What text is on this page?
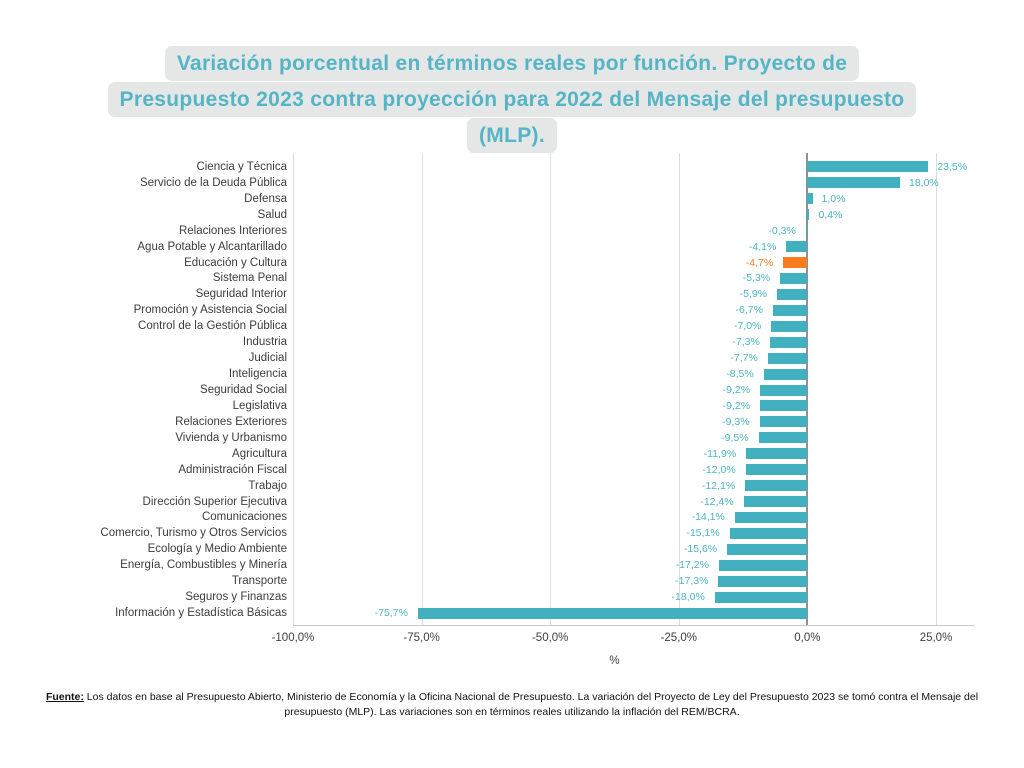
Variación porcentual en términos reales por función. Proyecto de
Presupuesto 2023 contra proyección para 2022 del Mensaje del presupuesto
(MLP).
-100,0%	-75,0%	-50,0%	-25,0%	0,0%	25,0%
%
Ciencia y Técnica	23,5%
Servicio de la Deuda Pública	18,0%
Defensa	1,0%
Salud	0,4%
Relaciones Interiores	-0,3%
Agua Potable y Alcantarillado	-4,1%
Educación y Cultura	-4,7%
Sistema Penal	-5,3%
Seguridad Interior	-5,9%
Promoción y Asistencia Social	-6,7%
Control de la Gestión Pública	-7,0%
Industria	-7,3%
Judicial	-7,7%
Inteligencia	-8,5%
Seguridad Social	-9,2%
Legislativa	-9,2%
Relaciones Exteriores	-9,3%
Vivienda y Urbanismo	-9,5%
Agricultura	-11,9%
Administración Fiscal	-12,0%
Trabajo	-12,1%
Dirección Superior Ejecutiva	-12,4%
Comunicaciones	-14,1%
Comercio, Turismo y Otros Servicios	-15,1%
Ecología y Medio Ambiente	-15,6%
Energía, Combustibles y Minería	-17,2%
Transporte	-17,3%
Seguros y Finanzas	-18,0%
Información y Estadística Básicas	-75,7%
Fuente: Los datos en base al Presupuesto Abierto, Ministerio de Economía y la Oficina Nacional de Presupuesto. La variación del Proyecto de Ley del Presupuesto 2023 se tomó contra el Mensaje del presupuesto (MLP). Las variaciones son en términos reales utilizando la inflación del REM/BCRA.
